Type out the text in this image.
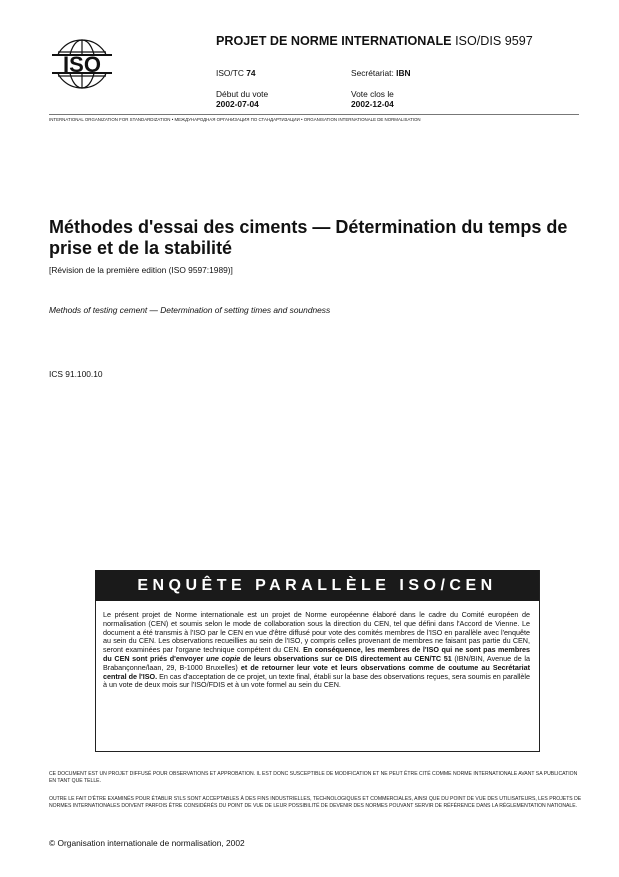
ISO
PROJET DE NORME INTERNATIONALE ISO/DIS 9597
ISO/TC 74	Secrétariat: IBN
Début du vote
2002-07-04
Vote clos le
2002-12-04
INTERNATIONAL ORGANIZATION FOR STANDARDIZATION • МЕЖДУНАРОДНАЯ ОРГАНИЗАЦИЯ ПО СТАНДАРТИЗАЦИИ • ORGANISATION INTERNATIONALE DE NORMALISATION
Méthodes d'essai des ciments — Détermination du temps de prise et de la stabilité
[Révision de la première edition (ISO 9597:1989)]
Methods of testing cement — Determination of setting times and soundness
ICS 91.100.10
ENQUÊTE PARALLÈLE ISO/CEN

Le présent projet de Norme internationale est un projet de Norme européenne élaboré dans le cadre du Comité européen de normalisation (CEN) et soumis selon le mode de collaboration sous la direction du CEN, tel que défini dans l'Accord de Vienne. Le document a été transmis à l'ISO par le CEN en vue d'être diffusé pour vote des comités membres de l'ISO en parallèle avec l'enquête au sein du CEN. Les observations recueillies au sein de l'ISO, y compris celles provenant de membres ne faisant pas partie du CEN, seront examinées par l'organe technique compétent du CEN. En conséquence, les membres de l'ISO qui ne sont pas membres du CEN sont priés d'envoyer une copie de leurs observations sur ce DIS directement au CEN/TC 51 (IBN/BIN, Avenue de la Brabançonne/laan, 29, B-1000 Bruxelles) et de retourner leur vote et leurs observations comme de coutume au Secrétariat central de l'ISO. En cas d'acceptation de ce projet, un texte final, établi sur la base des observations reçues, sera soumis en parallèle à un vote de deux mois sur l'ISO/FDIS et à un vote formel au sein du CEN.

CE DOCUMENT EST UN PROJET DIFFUSÉ POUR OBSERVATIONS ET APPROBATION. IL EST DONC SUSCEPTIBLE DE MODIFICATION ET NE PEUT ÊTRE CITÉ COMME NORME INTERNATIONALE AVANT SA PUBLICATION EN TANT QUE TELLE.

OUTRE LE FAIT D'ÊTRE EXAMINÉS POUR ÉTABLIR S'ILS SONT ACCEPTABLES À DES FINS INDUSTRIELLES, TECHNOLOGIQUES ET COMMERCIALES, AINSI QUE DU POINT DE VUE DES UTILISATEURS, LES PROJETS DE NORMES INTERNATIONALES DOIVENT PARFOIS ÊTRE CONSIDÉRÉS DU POINT DE VUE DE LEUR POSSIBILITÉ DE DEVENIR DES NORMES POUVANT SERVIR DE RÉFÉRENCE DANS LA RÉGLEMENTATION NATIONALE.

© Organisation internationale de normalisation, 2002
